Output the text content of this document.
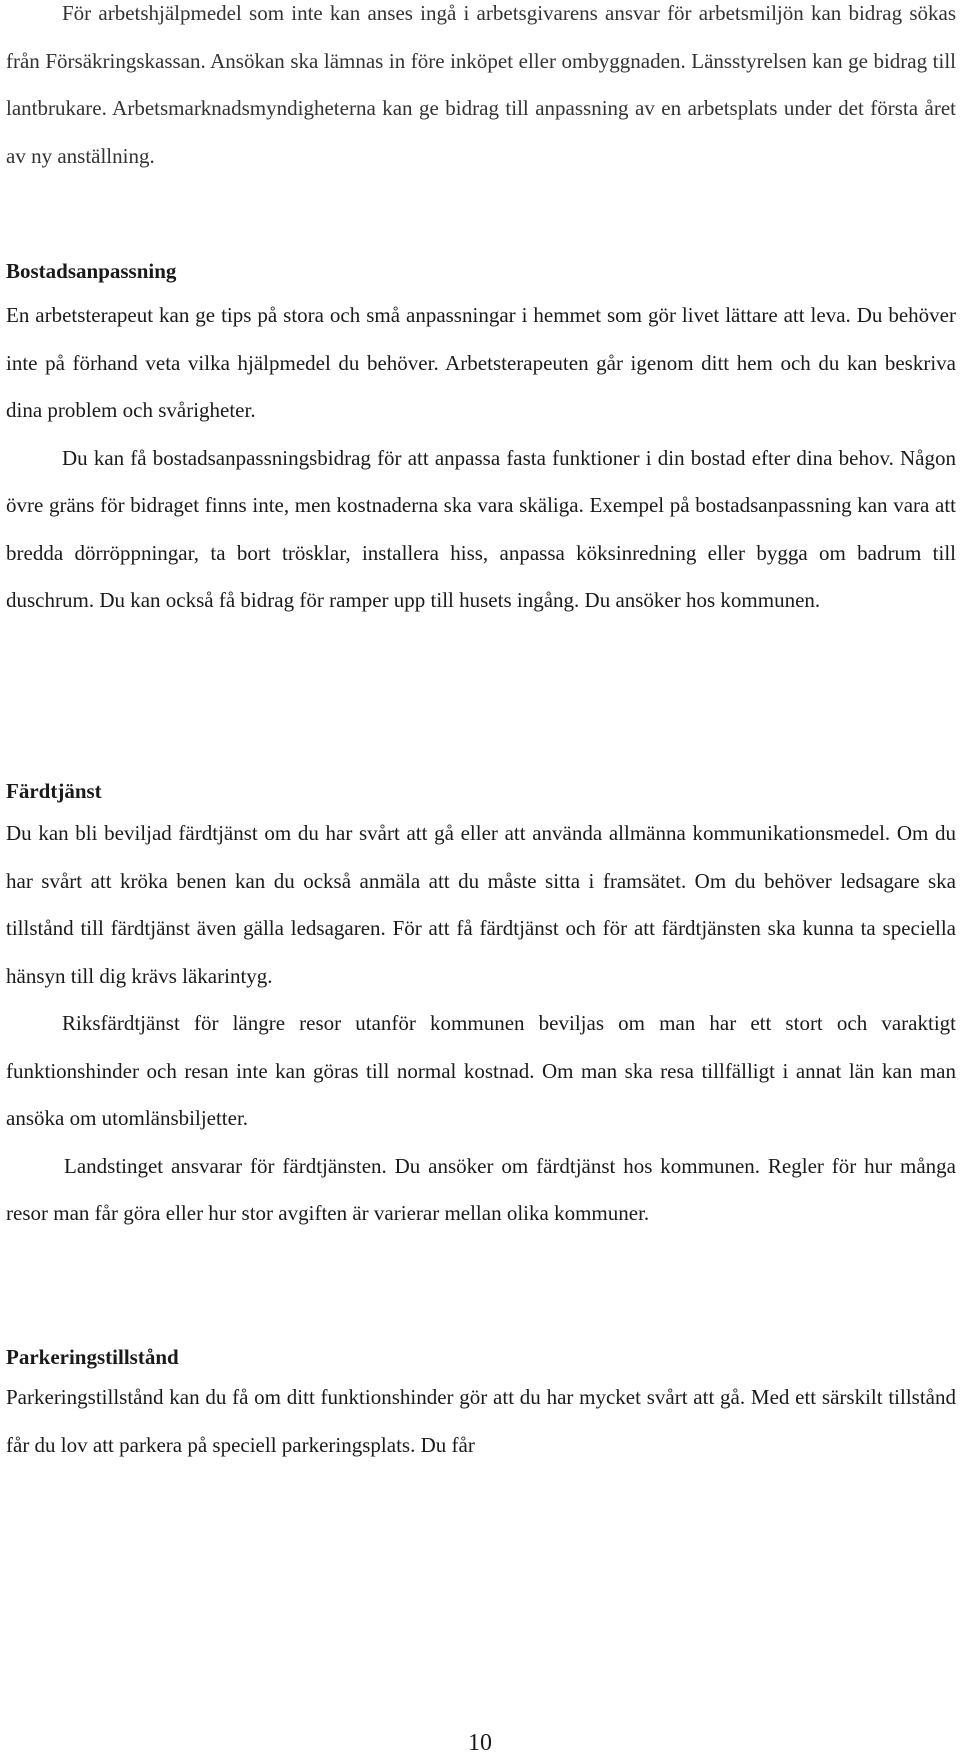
För arbetshjälpmedel som inte kan anses ingå i arbetsgivarens ansvar för arbetsmiljön kan bidrag sökas från Försäkringskassan. Ansökan ska lämnas in före inköpet eller ombyggnaden. Länsstyrelsen kan ge bidrag till lantbrukare. Arbetsmarknadsmyndigheterna kan ge bidrag till anpassning av en arbetsplats under det första året av ny anställning.

Bostadsanpassning

En arbetsterapeut kan ge tips på stora och små anpassningar i hemmet som gör livet lättare att leva. Du behöver inte på förhand veta vilka hjälpmedel du behöver. Arbetsterapeuten går igenom ditt hem och du kan beskriva dina problem och svårigheter.

Du kan få bostadsanpassningsbidrag för att anpassa fasta funktioner i din bostad efter dina behov. Någon övre gräns för bidraget finns inte, men kostnaderna ska vara skäliga. Exempel på bostadsanpassning kan vara att bredda dörröppningar, ta bort trösklar, installera hiss, anpassa köksinredning eller bygga om badrum till duschrum. Du kan också få bidrag för ramper upp till husets ingång. Du ansöker hos kommunen.

Färdtjänst

Du kan bli beviljad färdtjänst om du har svårt att gå eller att använda allmänna kommunikationsmedel. Om du har svårt att kröka benen kan du också anmäla att du måste sitta i framsätet. Om du behöver ledsagare ska tillstånd till färdtjänst även gälla ledsagaren. För att få färdtjänst och för att färdtjänsten ska kunna ta speciella hänsyn till dig krävs läkarintyg.

Riksfärdtjänst för längre resor utanför kommunen beviljas om man har ett stort och varaktigt funktionshinder och resan inte kan göras till normal kostnad. Om man ska resa tillfälligt i annat län kan man ansöka om utomlänsbiljetter.

Landstinget ansvarar för färdtjänsten. Du ansöker om färdtjänst hos kommunen. Regler för hur många resor man får göra eller hur stor avgiften är varierar mellan olika kommuner.

Parkeringstillstånd

Parkeringstillstånd kan du få om ditt funktionshinder gör att du har mycket svårt att gå. Med ett särskilt tillstånd får du lov att parkera på speciell parkeringsplats. Du får

10
